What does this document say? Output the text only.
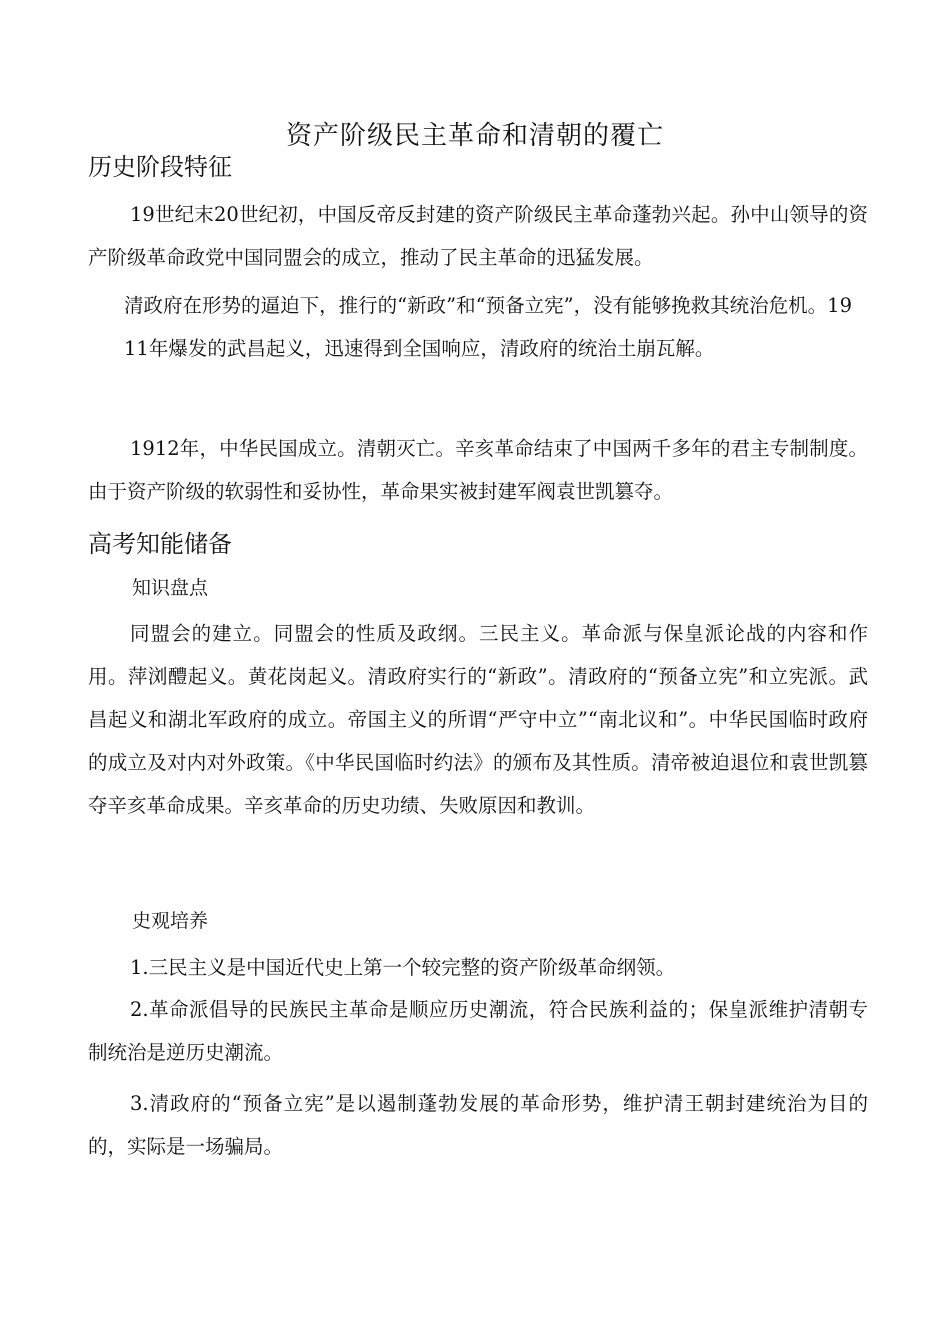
资产阶级民主革命和清朝的覆亡
历史阶段特征
19世纪末20世纪初，中国反帝反封建的资产阶级民主革命蓬勃兴起。孙中山领导的资产阶级革命政党中国同盟会的成立，推动了民主革命的迅猛发展。
清政府在形势的逼迫下，推行的“新政”和“预备立宪”，没有能够挽救其统治危机。1911年爆发的武昌起义，迅速得到全国响应，清政府的统治土崩瓦解。
1912年，中华民国成立。清朝灭亡。辛亥革命结束了中国两千多年的君主专制制度。由于资产阶级的软弱性和妥协性，革命果实被封建军阀袁世凯篡夺。
高考知能储备
知识盘点
同盟会的建立。同盟会的性质及政纲。三民主义。革命派与保皇派论战的内容和作用。萍浏醴起义。黄花岗起义。清政府实行的“新政”。清政府的“预备立宪”和立宪派。武昌起义和湖北军政府的成立。帝国主义的所谓“严守中立”“南北议和”。中华民国临时政府的成立及对内对外政策。《中华民国临时约法》的颁布及其性质。清帝被迫退位和袁世凯篡夺辛亥革命成果。辛亥革命的历史功绩、失败原因和教训。
史观培养
1.三民主义是中国近代史上第一个较完整的资产阶级革命纲领。
2.革命派倡导的民族民主革命是顺应历史潮流，符合民族利益的；保皇派维护清朝专制统治是逆历史潮流。
3.清政府的“预备立宪”是以遏制蓬勃发展的革命形势，维护清王朝封建统治为目的的，实际是一场骗局。
